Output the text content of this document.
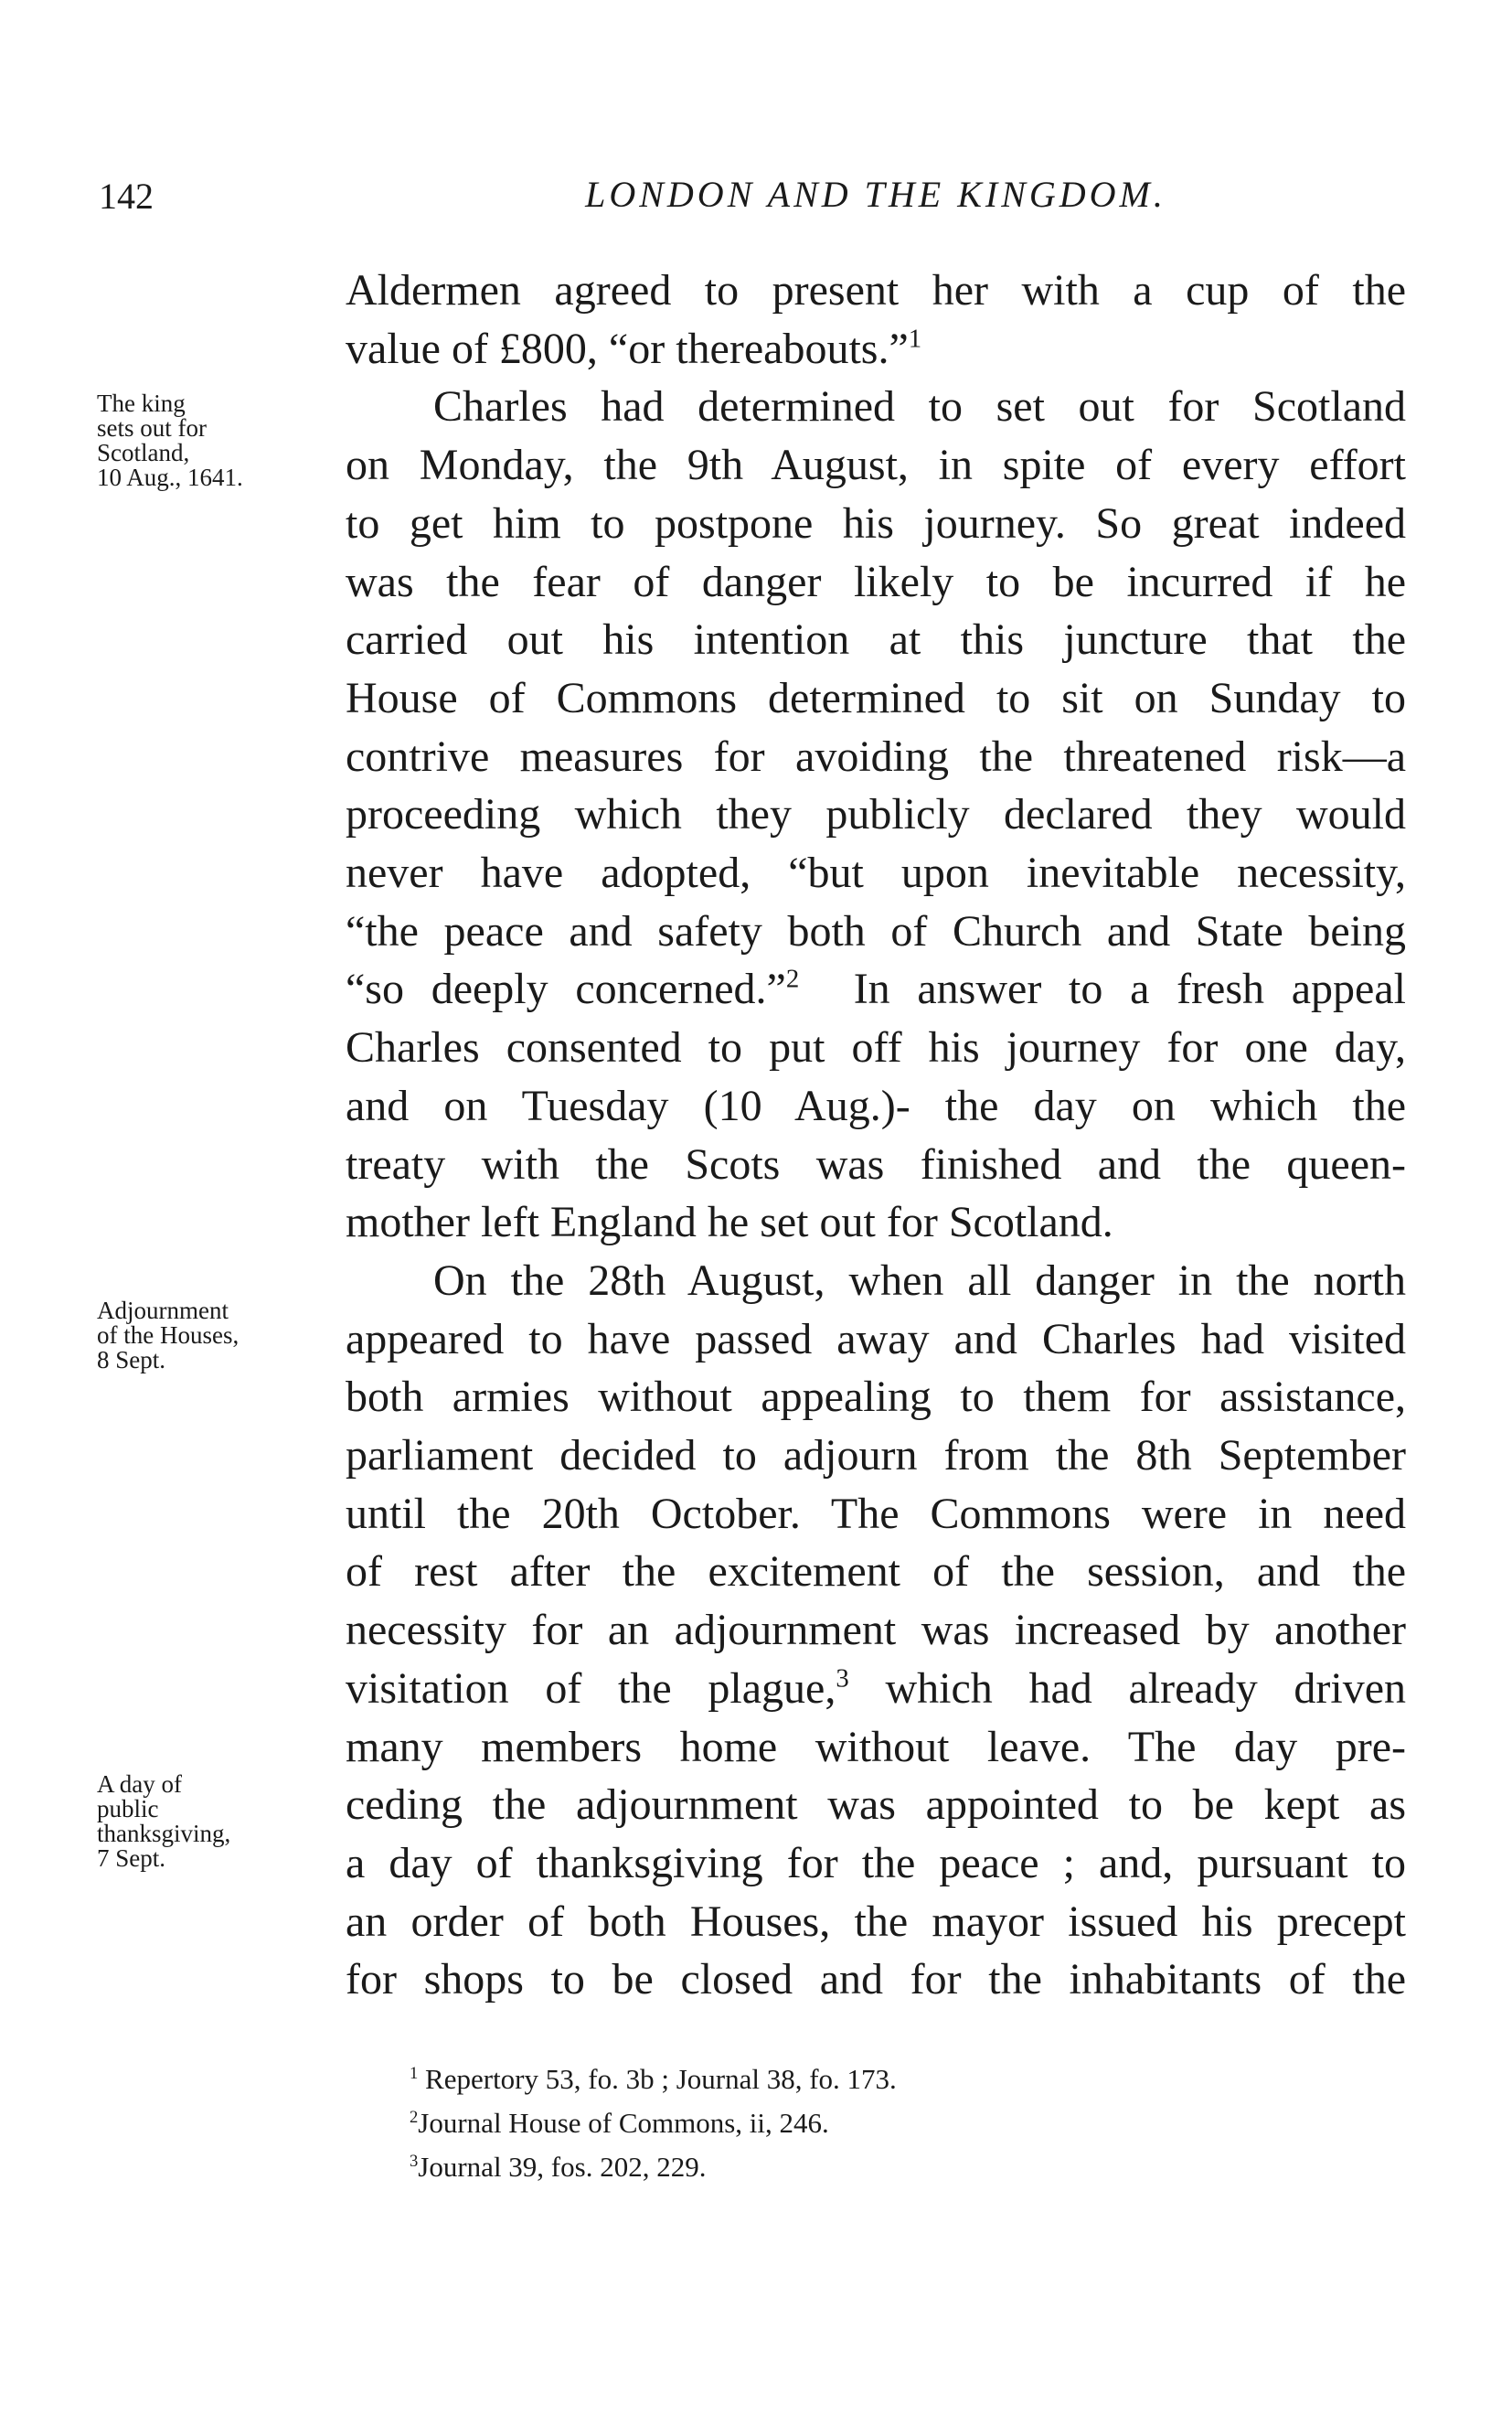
142	LONDON AND THE KINGDOM.
The king
sets out for
Scotland,
10 Aug., 1641.
Adjournment
of the Houses,
8 Sept.
A day of
public
thanksgiving,
7 Sept.
Aldermen agreed to present her with a cup of the
value of £800, “or thereabouts.”$^1$
Charles had determined to set out for Scotland
on Monday, the 9th August, in spite of every effort
to get him to postpone his journey. So great indeed
was the fear of danger likely to be incurred if he
carried out his intention at this juncture that the
House of Commons determined to sit on Sunday to
contrive measures for avoiding the threatened risk—a
proceeding which they publicly declared they would
never have adopted, “but upon inevitable necessity,
“the peace and safety both of Church and State being
“so deeply concerned.”$^2$ In answer to a fresh appeal
Charles consented to put off his journey for one day,
and on Tuesday (10 Aug.)- the day on which the
treaty with the Scots was finished and the queen-
mother left England he set out for Scotland.
On the 28th August, when all danger in the north
appeared to have passed away and Charles had visited
both armies without appealing to them for assistance,
parliament decided to adjourn from the 8th September
until the 20th October. The Commons were in need
of rest after the excitement of the session, and the
necessity for an adjournment was increased by another
visitation of the plague,$^3$ which had already driven
many members home without leave. The day pre-
ceding the adjournment was appointed to be kept as
a day of thanksgiving for the peace ; and, pursuant to
an order of both Houses, the mayor issued his precept
for shops to be closed and for the inhabitants of the
$^1$ Repertory 53, fo. 3b ; Journal 38, fo. 173.
$^2$Journal House of Commons, ii, 246.
$^3$Journal 39, fos. 202, 229.
